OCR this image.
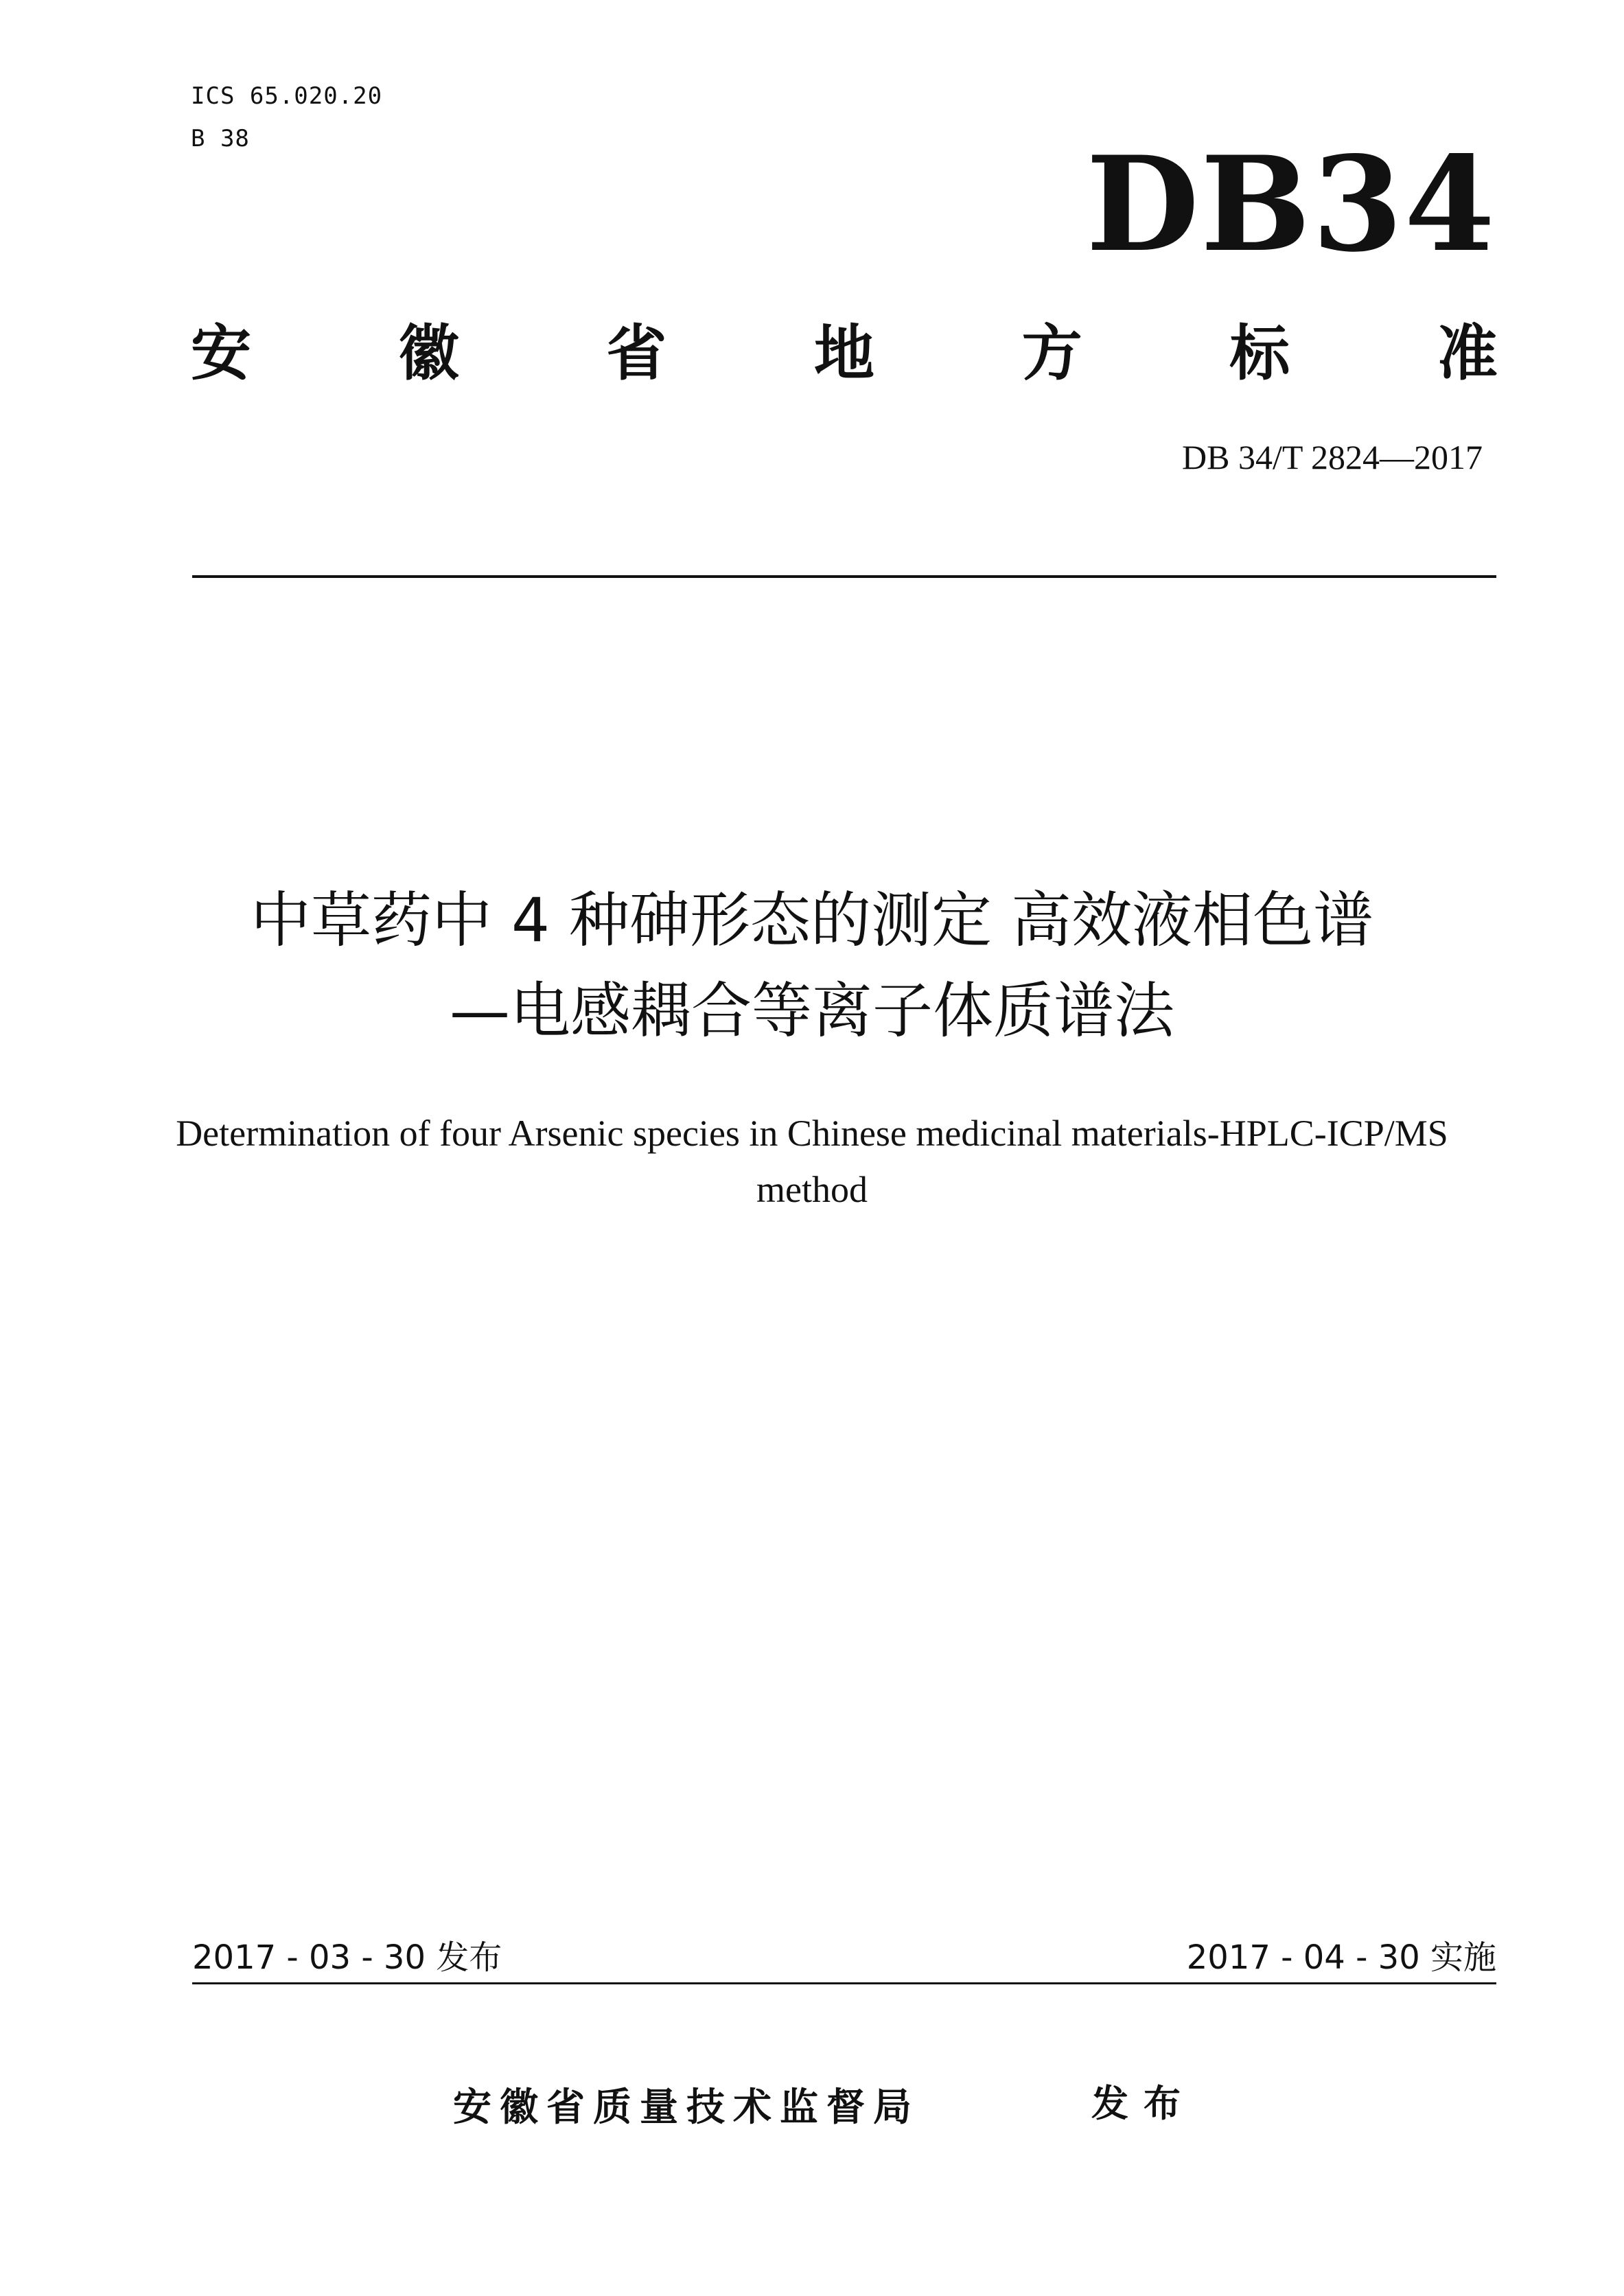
ICS 65.020.20
B 38	DB34
安 徽 省 地 方 标 准
DB 34/T 2824—2017
中草药中 4 种砷形态的测定 高效液相色谱
—电感耦合等离子体质谱法
Determination of four Arsenic species in Chinese medicinal materials-HPLC-ICP/MS
method
2017 - 03 - 30 发布	2017 - 04 - 30 实施
安徽省质量技术监督局	发布
